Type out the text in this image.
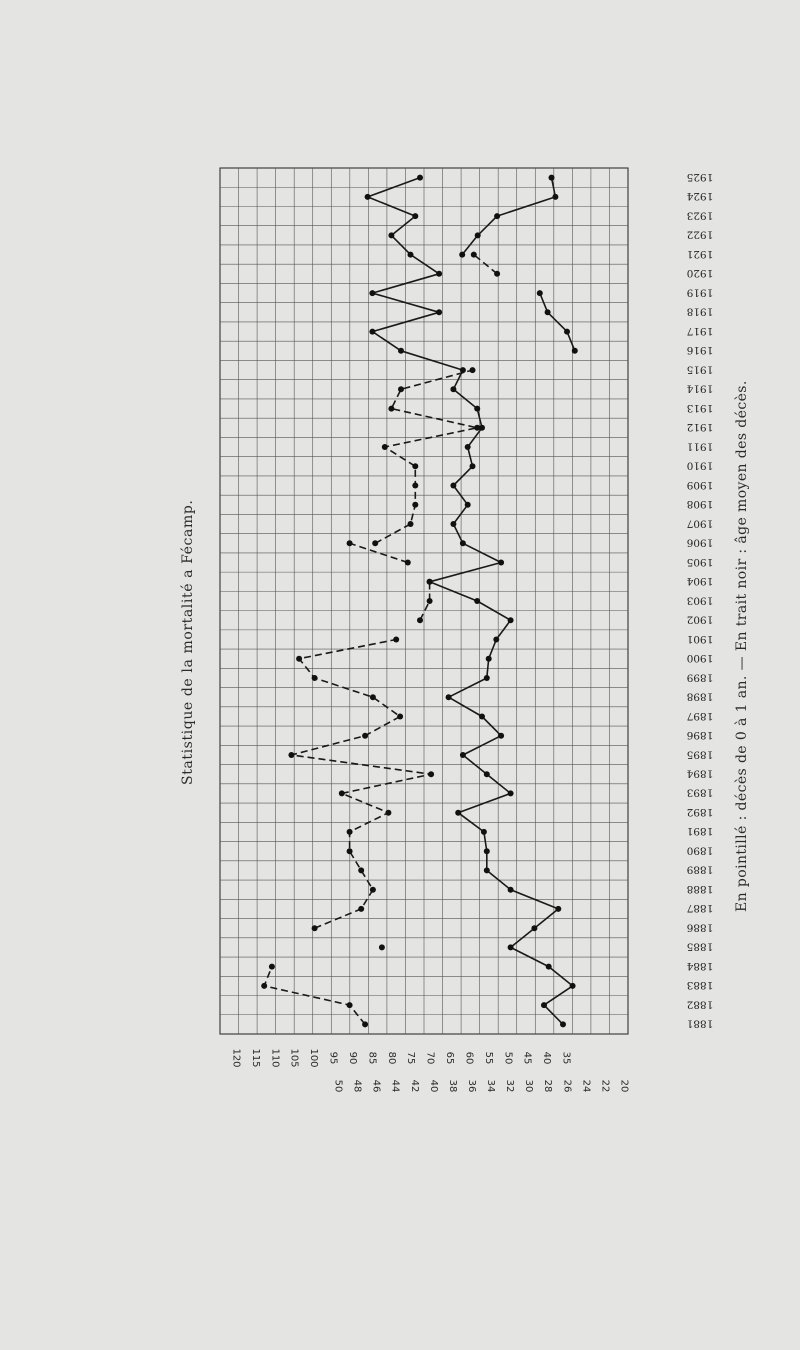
Statistique de la mortalité a Fécamp.	En pointillé : décès de 0 à 1 an. — En trait noir : âge moyen des décès.
1881
1882
1883
1884
1885
1886
1887
1888
1889
1890
1891
1892
1893
1894
1895
1896
1897
1898
1899
1900
1901
1902
1903
1904
1905
1906
1907
1908
1909
1910
1911
1912
1913
1914
1915
1916
1917
1918
1919
1920
1921
1922
1923
1924
1925
120 115 110 105 100 95 90 85 80 75 70 65 60 55 50 45 40 35
50 48 46 44 42 40 38 36 34 32 30 28 26 24 22 20
